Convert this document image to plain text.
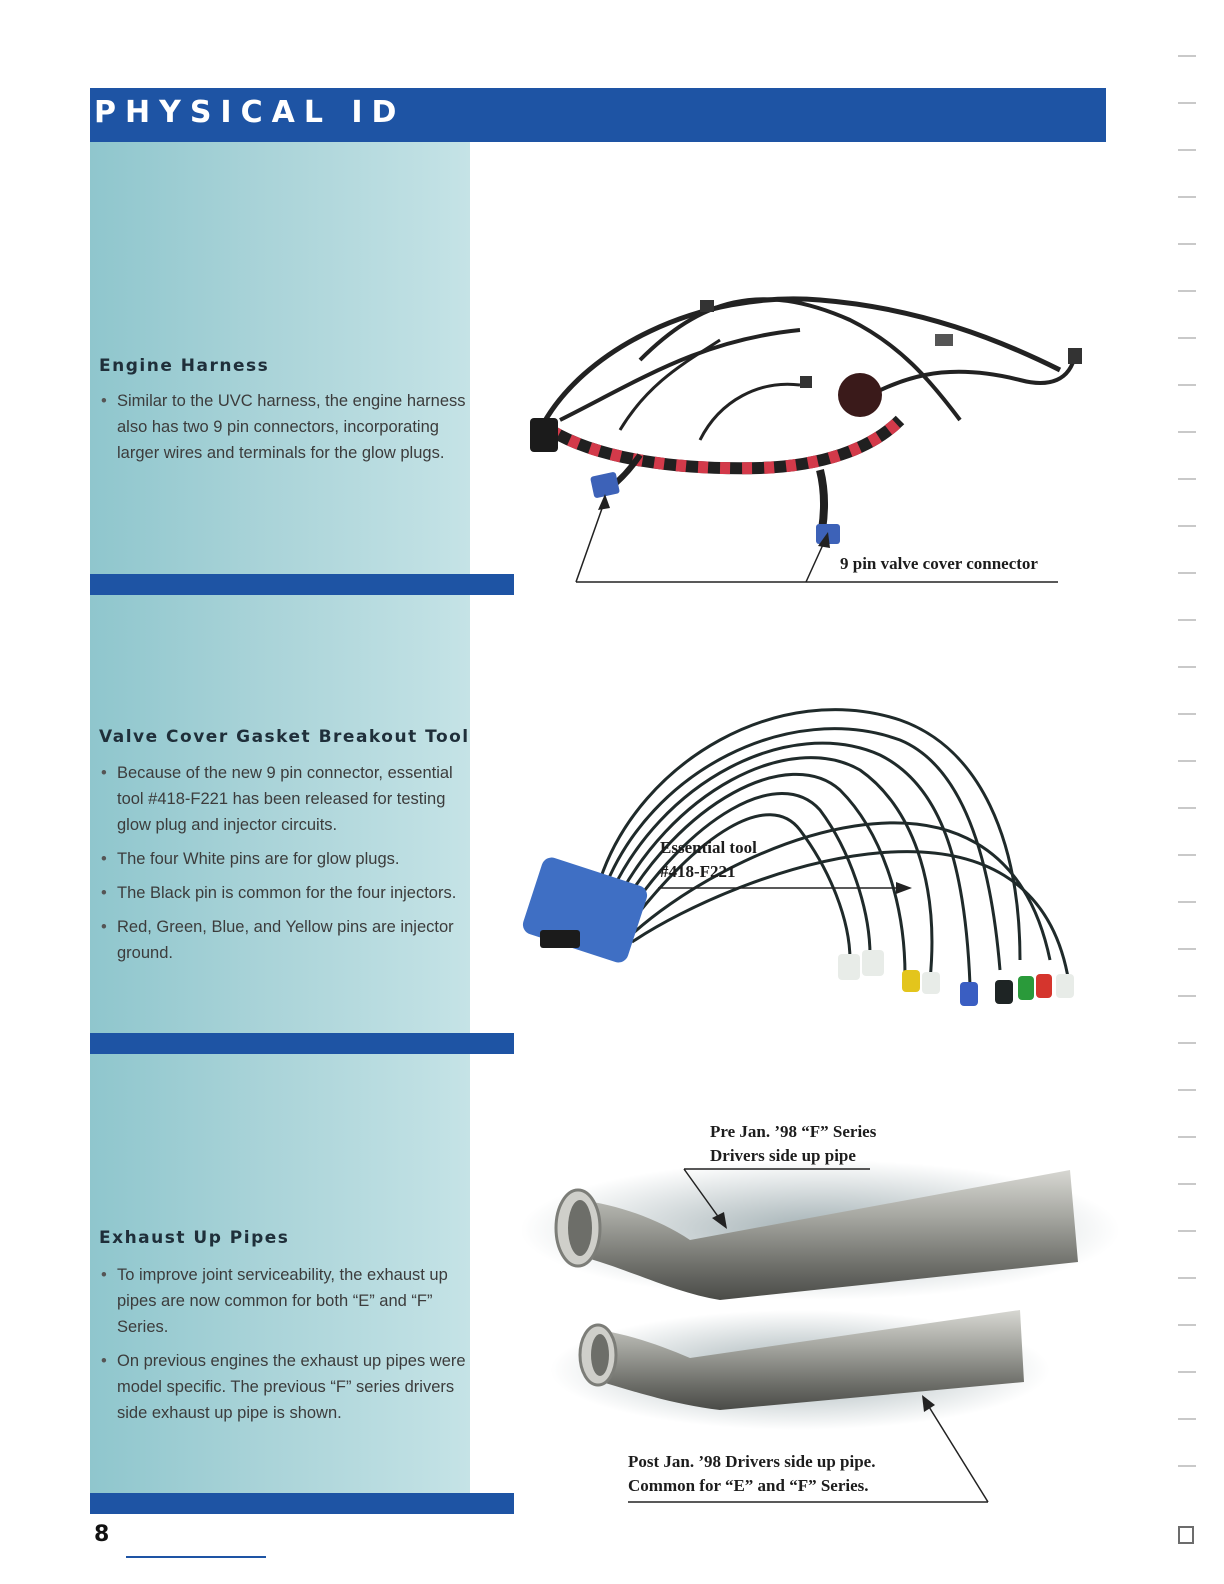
PHYSICAL ID
Engine Harness
• Similar to the UVC harness, the engine harness also has two 9 pin connectors, incorporating larger wires and terminals for the glow plugs.
Valve Cover Gasket Breakout Tool
• Because of the new 9 pin connector, essential tool #418-F221 has been released for testing glow plug and injector circuits.
• The four White pins are for glow plugs.
• The Black pin is common for the four injectors.
• Red, Green, Blue, and Yellow pins are injector ground.
Exhaust Up Pipes
• To improve joint serviceability, the exhaust up pipes are now common for both “E” and “F” Series.
• On previous engines the exhaust up pipes were model specific. The previous “F” series drivers side exhaust up pipe is shown.

9 pin valve cover connector

Essential tool

#418-F221

Pre Jan. ’98 “F” Series

Drivers side up pipe

Post Jan. ’98 Drivers side up pipe.

Common for “E” and “F” Series.

8
